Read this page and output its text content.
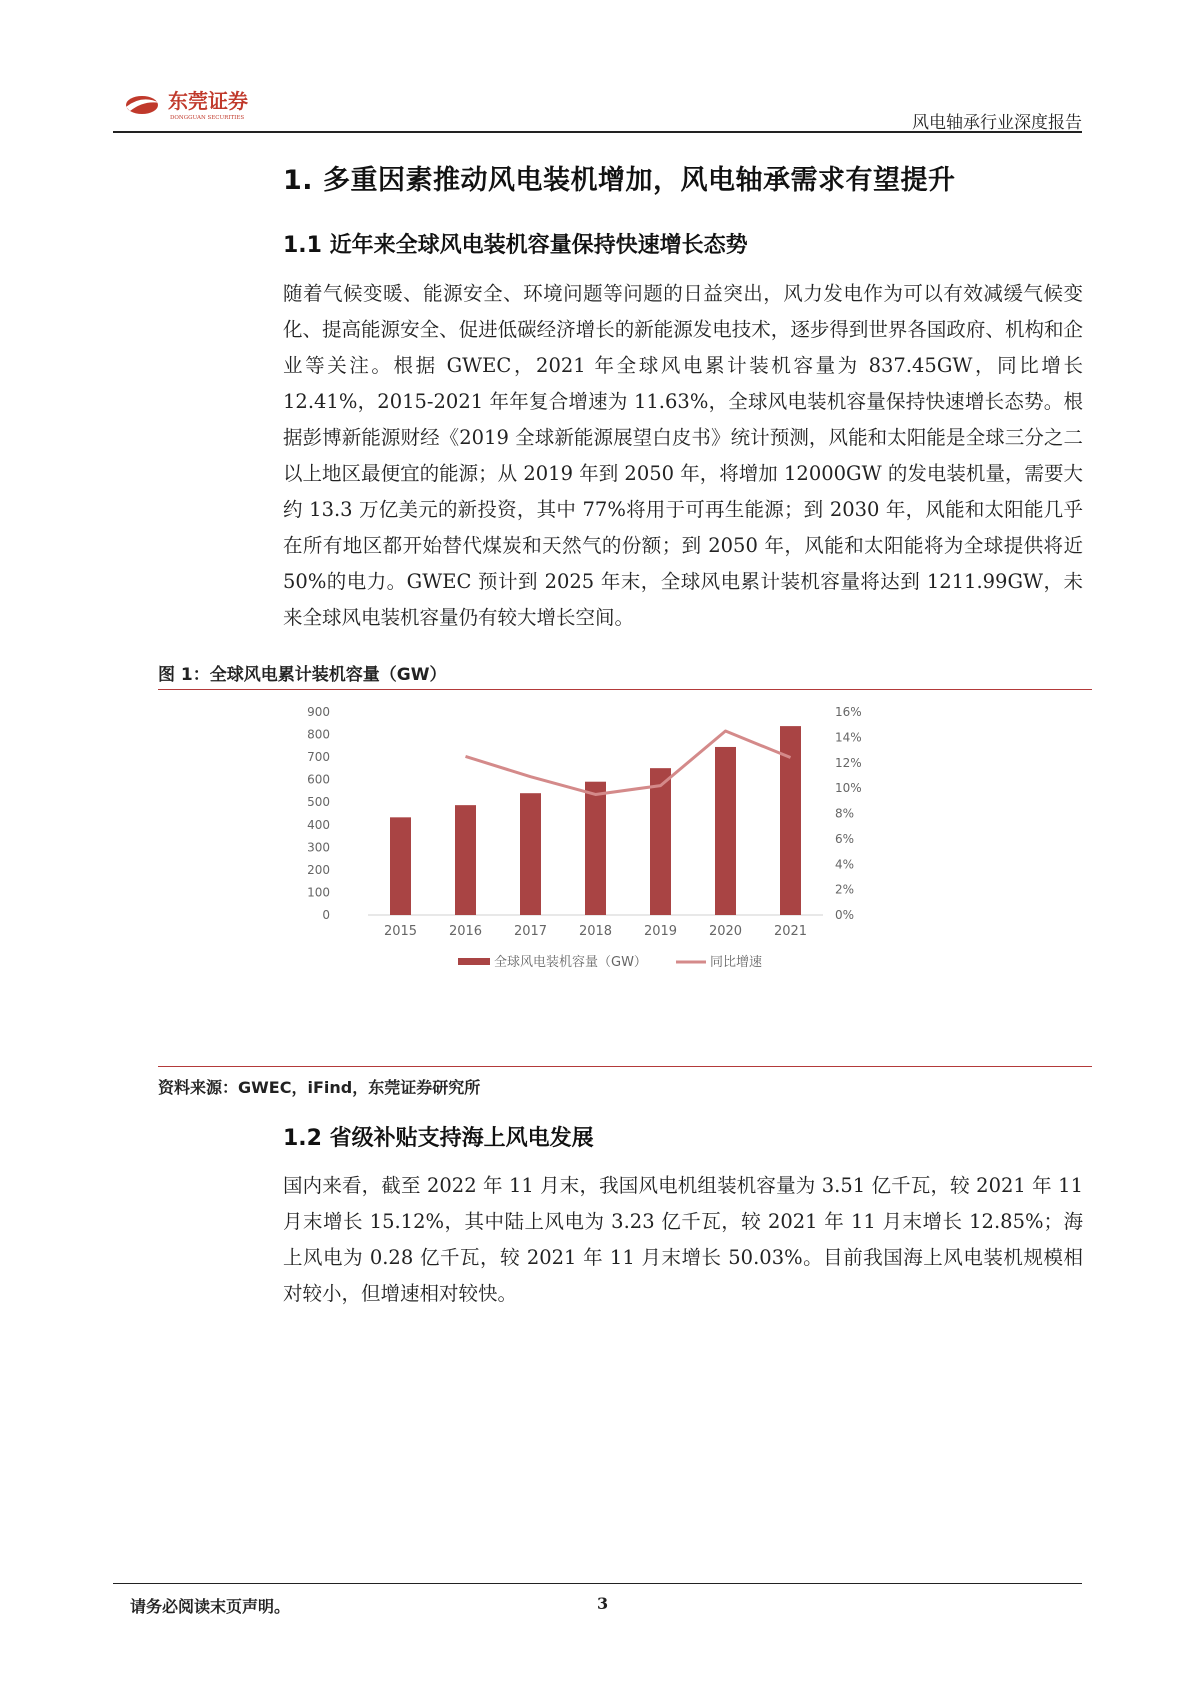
东莞证券
DONGGUAN SECURITIES	风电轴承行业深度报告
1. 多重因素推动风电装机增加，风电轴承需求有望提升
1.1 近年来全球风电装机容量保持快速增长态势
随着气候变暖、能源安全、环境问题等问题的日益突出，风力发电作为可以有效减缓气候变化、提高能源安全、促进低碳经济增长的新能源发电技术，逐步得到世界各国政府、机构和企业等关注。根据 GWEC，2021 年全球风电累计装机容量为 837.45GW，同比增长 12.41%，2015-2021 年年复合增速为 11.63%，全球风电装机容量保持快速增长态势。根据彭博新能源财经《2019 全球新能源展望白皮书》统计预测，风能和太阳能是全球三分之二以上地区最便宜的能源；从 2019 年到 2050 年，将增加 12000GW 的发电装机量，需要大约 13.3 万亿美元的新投资，其中 77%将用于可再生能源；到 2030 年，风能和太阳能几乎在所有地区都开始替代煤炭和天然气的份额；到 2050 年，风能和太阳能将为全球提供将近 50%的电力。GWEC 预计到 2025 年末，全球风电累计装机容量将达到 1211.99GW，未来全球风电装机容量仍有较大增长空间。
图 1：全球风电累计装机容量（GW）
0
100
200
300
400
500
600
700
800
900
0%
2%
4%
6%
8%
10%
12%
14%
16%
2015 2016 2017 2018 2019 2020 2021
全球风电装机容量（GW）	同比增速
资料来源：GWEC，iFind，东莞证券研究所
1.2 省级补贴支持海上风电发展
国内来看，截至 2022 年 11 月末，我国风电机组装机容量为 3.51 亿千瓦，较 2021 年 11 月末增长 15.12%，其中陆上风电为 3.23 亿千瓦，较 2021 年 11 月末增长 12.85%；海上风电为 0.28 亿千瓦，较 2021 年 11 月末增长 50.03%。目前我国海上风电装机规模相对较小，但增速相对较快。
请务必阅读末页声明。	3
